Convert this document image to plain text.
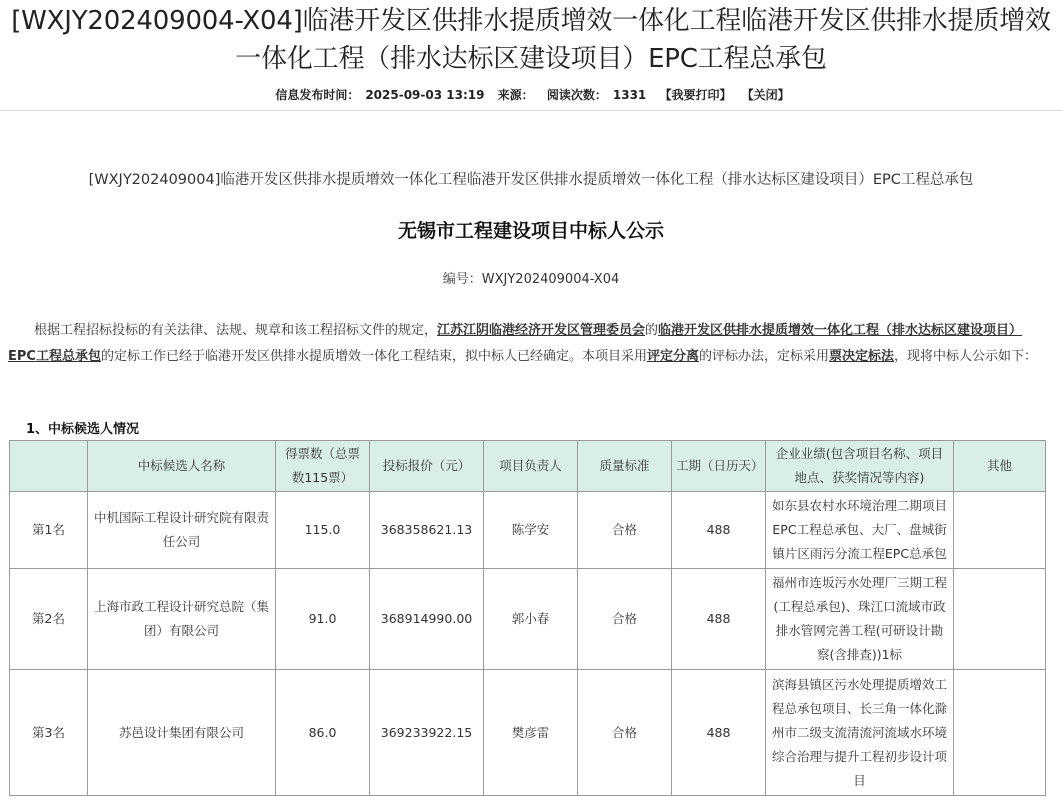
[WXJY202409004-X04]临港开发区供排水提质增效一体化工程临港开发区供排水提质增效一体化工程（排水达标区建设项目）EPC工程总承包
信息发布时间： 2025-09-03 13:19 来源： 阅读次数： 1331 【我要打印】 【关闭】
[WXJY202409004]临港开发区供排水提质增效一体化工程临港开发区供排水提质增效一体化工程（排水达标区建设项目）EPC工程总承包
无锡市工程建设项目中标人公示
编号：WXJY202409004-X04
根据工程招标投标的有关法律、法规、规章和该工程招标文件的规定，江苏江阴临港经济开发区管理委员会的临港开发区供排水提质增效一体化工程（排水达标区建设项目）EPC工程总承包的定标工作已经于临港开发区供排水提质增效一体化工程结束，拟中标人已经确定。本项目采用评定分离的评标办法，定标采用票决定标法，现将中标人公示如下：
1、中标候选人情况
	中标候选人名称	得票数（总票数115票）	投标报价（元）	项目负责人	质量标准	工期（日历天）	企业业绩(包含项目名称、项目地点、获奖情况等内容)	其他
第1名	中机国际工程设计研究院有限责任公司	115.0	368358621.13	陈学安	合格	488	如东县农村水环境治理二期项目EPC工程总承包、大厂、盘城街镇片区雨污分流工程EPC总承包	
第2名	上海市政工程设计研究总院（集团）有限公司	91.0	368914990.00	郭小春	合格	488	福州市连坂污水处理厂三期工程(工程总承包)、珠江口流域市政排水管网完善工程(可研设计勘察(含排查))1标	
第3名	苏邑设计集团有限公司	86.0	369233922.15	樊彦雷	合格	488	滨海县镇区污水处理提质增效工程总承包项目、长三角一体化滁州市二级支流清流河流域水环境综合治理与提升工程初步设计项目	
